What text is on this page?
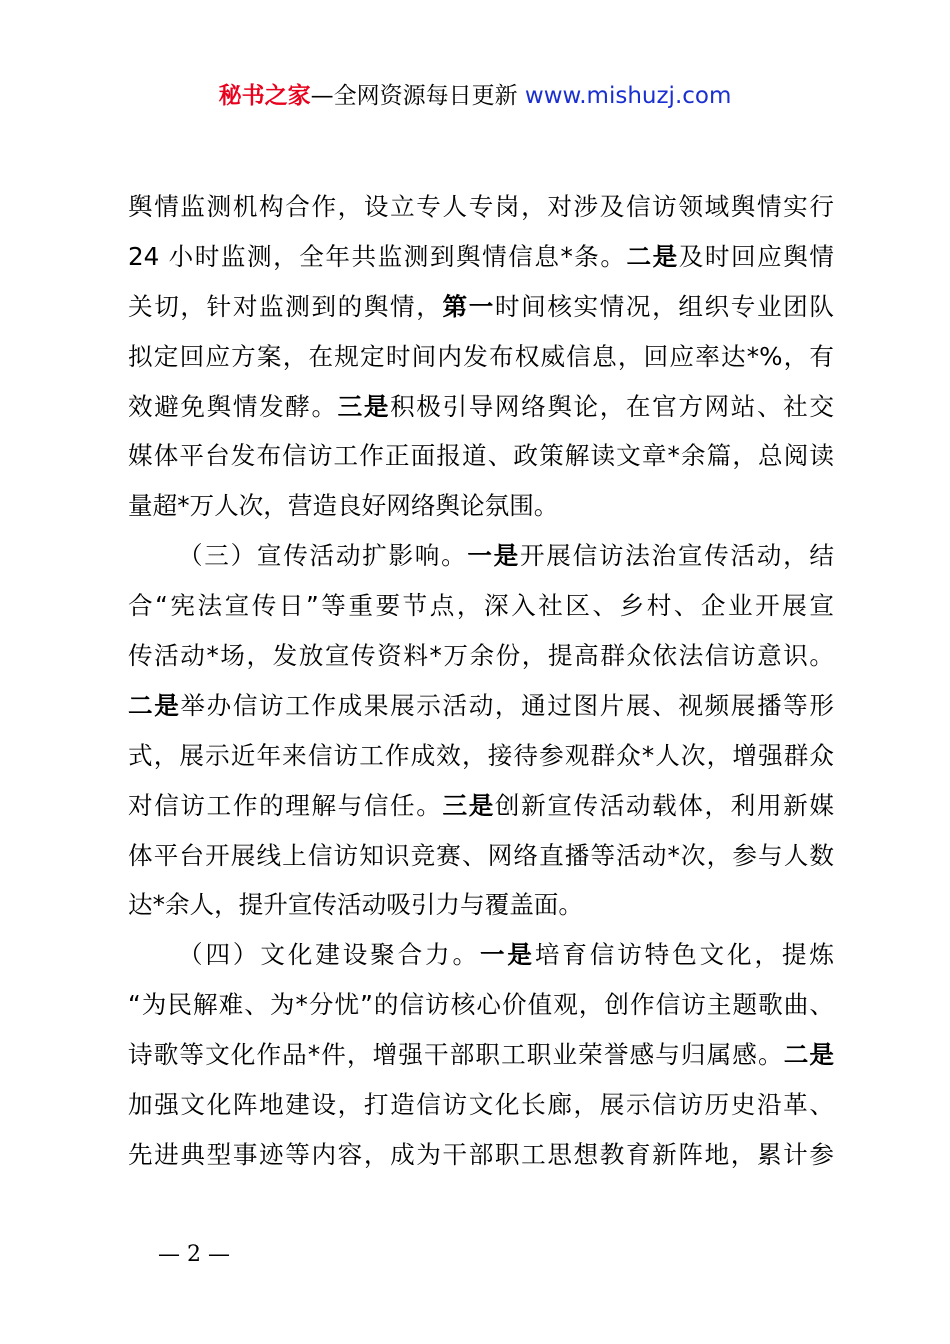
秘书之家—全网资源每日更新 www.mishuzj.com
舆情监测机构合作，设立专人专岗，对涉及信访领域舆情实行
24 小时监测，全年共监测到舆情信息*条。二是及时回应舆情
关切，针对监测到的舆情，第一时间核实情况，组织专业团队
拟定回应方案，在规定时间内发布权威信息，回应率达*%，有
效避免舆情发酵。三是积极引导网络舆论，在官方网站、社交
媒体平台发布信访工作正面报道、政策解读文章*余篇，总阅读
量超*万人次，营造良好网络舆论氛围。
（三）宣传活动扩影响。一是开展信访法治宣传活动，结
合“宪法宣传日”等重要节点，深入社区、乡村、企业开展宣
传活动*场，发放宣传资料*万余份，提高群众依法信访意识。
二是举办信访工作成果展示活动，通过图片展、视频展播等形
式，展示近年来信访工作成效，接待参观群众*人次，增强群众
对信访工作的理解与信任。三是创新宣传活动载体，利用新媒
体平台开展线上信访知识竞赛、网络直播等活动*次，参与人数
达*余人，提升宣传活动吸引力与覆盖面。
（四）文化建设聚合力。一是培育信访特色文化，提炼
“为民解难、为*分忧”的信访核心价值观，创作信访主题歌曲、
诗歌等文化作品*件，增强干部职工职业荣誉感与归属感。二是
加强文化阵地建设，打造信访文化长廊，展示信访历史沿革、
先进典型事迹等内容，成为干部职工思想教育新阵地，累计参
— 2 —
